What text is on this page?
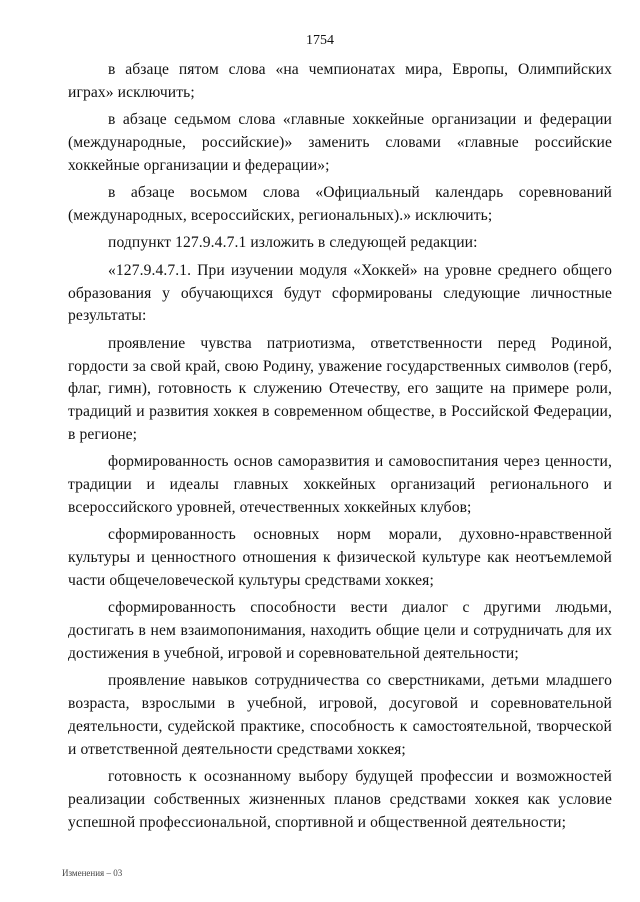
1754

в абзаце пятом слова «на чемпионатах мира, Европы, Олимпийских играх» исключить;

в абзаце седьмом слова «главные хоккейные организации и федерации (международные, российские)» заменить словами «главные российские хоккейные организации и федерации»;

в абзаце восьмом слова «Официальный календарь соревнований (международных, всероссийских, региональных).» исключить;

подпункт 127.9.4.7.1 изложить в следующей редакции:

«127.9.4.7.1. При изучении модуля «Хоккей» на уровне среднего общего образования у обучающихся будут сформированы следующие личностные результаты:

проявление чувства патриотизма, ответственности перед Родиной, гордости за свой край, свою Родину, уважение государственных символов (герб, флаг, гимн), готовность к служению Отечеству, его защите на примере роли, традиций и развития хоккея в современном обществе, в Российской Федерации, в регионе;

формированность основ саморазвития и самовоспитания через ценности, традиции и идеалы главных хоккейных организаций регионального и всероссийского уровней, отечественных хоккейных клубов;

сформированность основных норм морали, духовно-нравственной культуры и ценностного отношения к физической культуре как неотъемлемой части общечеловеческой культуры средствами хоккея;

сформированность способности вести диалог с другими людьми, достигать в нем взаимопонимания, находить общие цели и сотрудничать для их достижения в учебной, игровой и соревновательной деятельности;

проявление навыков сотрудничества со сверстниками, детьми младшего возраста, взрослыми в учебной, игровой, досуговой и соревновательной деятельности, судейской практике, способность к самостоятельной, творческой и ответственной деятельности средствами хоккея;

готовность к осознанному выбору будущей профессии и возможностей реализации собственных жизненных планов средствами хоккея как условие успешной профессиональной, спортивной и общественной деятельности;

Изменения – 03
